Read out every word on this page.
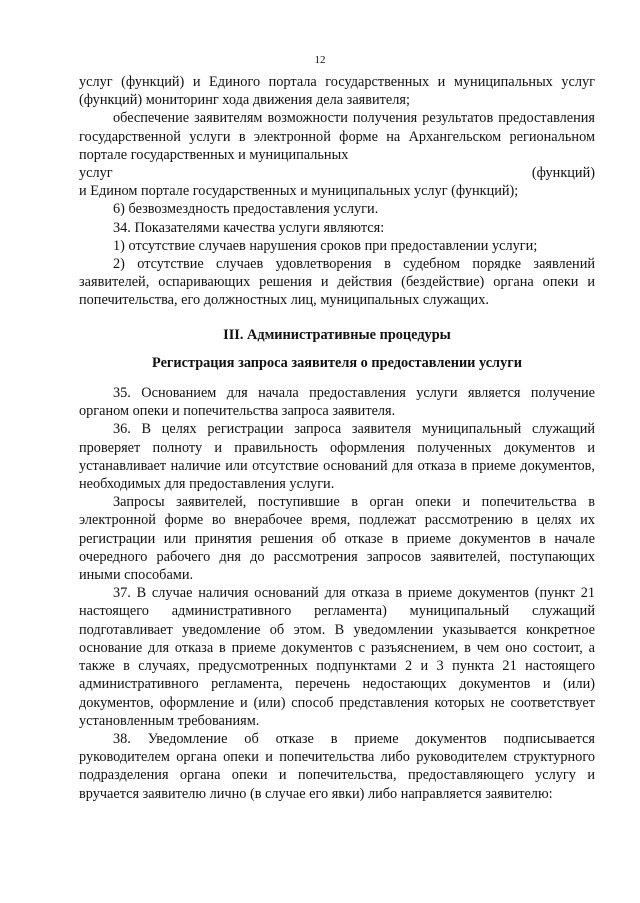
12

услуг (функций) и Единого портала государственных и муниципальных услуг (функций) мониторинг хода движения дела заявителя;

обеспечение заявителям возможности получения результатов предоставления государственной услуги в электронной форме на Архангельском региональном портале государственных и муниципальных

услуг	(функций)

и Едином портале государственных и муниципальных услуг (функций);

6) безвозмездность предоставления услуги.

34. Показателями качества услуги являются:

1) отсутствие случаев нарушения сроков при предоставлении услуги;

2) отсутствие случаев удовлетворения в судебном порядке заявлений заявителей, оспаривающих решения и действия (бездействие) органа опеки и попечительства, его должностных лиц, муниципальных служащих.

III. Административные процедуры

Регистрация запроса заявителя о предоставлении услуги

35. Основанием для начала предоставления услуги является получение органом опеки и попечительства запроса заявителя.

36. В целях регистрации запроса заявителя муниципальный служащий проверяет полноту и правильность оформления полученных документов и устанавливает наличие или отсутствие оснований для отказа в приеме документов, необходимых для предоставления услуги.

Запросы заявителей, поступившие в орган опеки и попечительства в электронной форме во внерабочее время, подлежат рассмотрению в целях их регистрации или принятия решения об отказе в приеме документов в начале очередного рабочего дня до рассмотрения запросов заявителей, поступающих иными способами.

37. В случае наличия оснований для отказа в приеме документов (пункт 21 настоящего административного регламента) муниципальный служащий подготавливает уведомление об этом. В уведомлении указывается конкретное основание для отказа в приеме документов с разъяснением, в чем оно состоит, а также в случаях, предусмотренных подпунктами 2 и 3 пункта 21 настоящего административного регламента, перечень недостающих документов и (или) документов, оформление и (или) способ представления которых не соответствует установленным требованиям.

38. Уведомление об отказе в приеме документов подписывается руководителем органа опеки и попечительства либо руководителем структурного подразделения органа опеки и попечительства, предоставляющего услугу и вручается заявителю лично (в случае его явки) либо направляется заявителю:
